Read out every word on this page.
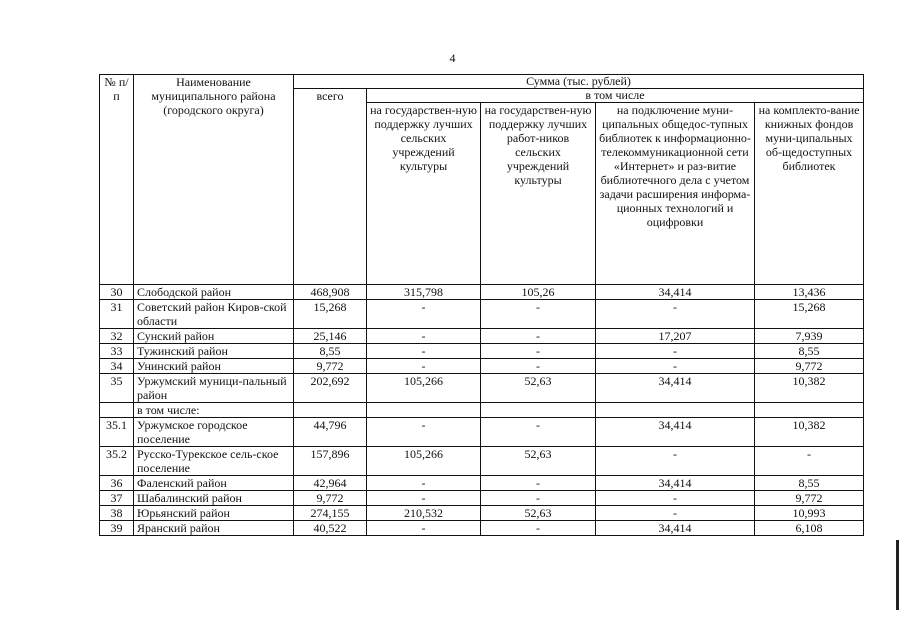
4
№ п/п	Наименование муниципального района (городского округа)	Сумма (тыс. рублей)				
		всего	в том числе			
			на государствен-ную поддержку лучших сельских учреждений культуры	на государствен-ную поддержку лучших работ-ников сельских учреждений культуры	на подключение муни-ципальных общедос-тупных библиотек к информационно-телекоммуникационной сети «Интернет» и раз-витие библиотечного дела с учетом задачи расширения информа-ционных технологий и оцифровки	на комплекто-вание книжных фондов муни-ципальных об-щедоступных библиотек
30	Слободской район	468,908	315,798	105,26	34,414	13,436
31	Советский район Киров-ской области	15,268	-	-	-	15,268
32	Сунский район	25,146	-	-	17,207	7,939
33	Тужинский район	8,55	-	-	-	8,55
34	Унинский район	9,772	-	-	-	9,772
35	Уржумский муници-пальный район	202,692	105,266	52,63	34,414	10,382
	в том числе:					
35.1	Уржумское городское поселение	44,796	-	-	34,414	10,382
35.2	Русско-Турекское сель-ское поселение	157,896	105,266	52,63	-	-
36	Фаленский район	42,964	-	-	34,414	8,55
37	Шабалинский район	9,772	-	-	-	9,772
38	Юрьянский район	274,155	210,532	52,63	-	10,993
39	Яранский район	40,522	-	-	34,414	6,108
